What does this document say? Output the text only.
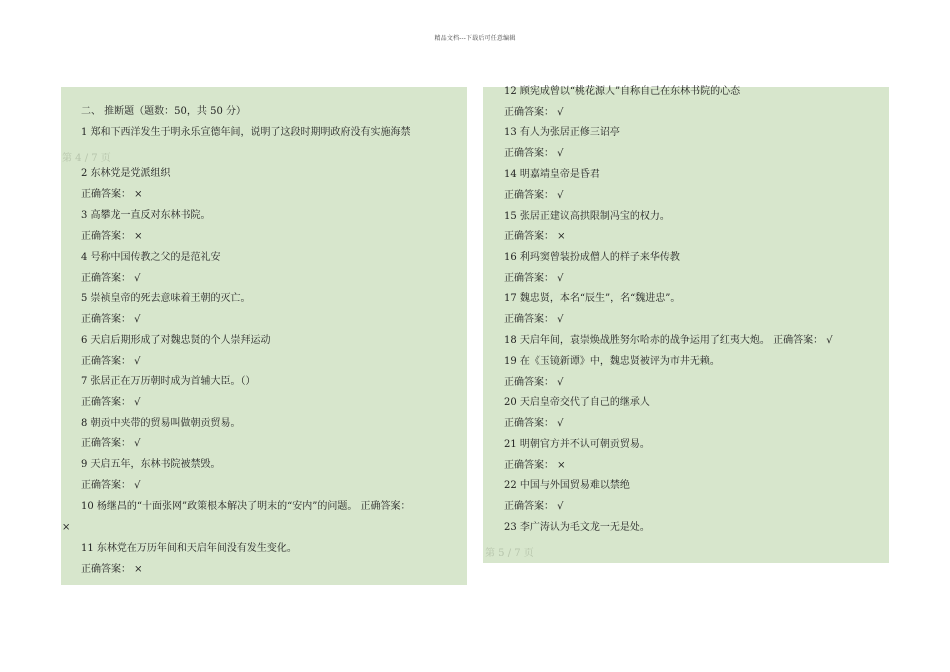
精品文档---下载后可任意编辑
二、 推断题（题数：50，共 50 分）
1 郑和下西洋发生于明永乐宣德年间，说明了这段时期明政府没有实施海禁
2 东林党是党派组织
正确答案： ×
3 高攀龙一直反对东林书院。
正确答案： ×
4 号称中国传教之父的是范礼安
正确答案： √
5 崇祯皇帝的死去意味着王朝的灭亡。
正确答案： √
6 天启后期形成了对魏忠贤的个人崇拜运动
正确答案： √
7 张居正在万历朝时成为首辅大臣。（）
正确答案： √
8 朝贡中夹带的贸易叫做朝贡贸易。
正确答案： √
9 天启五年，东林书院被禁毁。
正确答案： √
10 杨继昌的“十面张网”政策根本解决了明末的“安内”的问题。 正确答案：
×
11 东林党在万历年间和天启年间没有发生变化。
正确答案： ×
12 顾宪成曾以“桃花源人”自称自己在东林书院的心态
正确答案： √
13 有人为张居正修三诏亭
正确答案： √
14 明嘉靖皇帝是昏君
正确答案： √
15 张居正建议高拱限制冯宝的权力。
正确答案： ×
16 利玛窦曾装扮成僧人的样子来华传教
正确答案： √
17 魏忠贤，本名“辰生”，名“魏进忠”。
正确答案： √
18 天启年间，袁崇焕战胜努尔哈赤的战争运用了红夷大炮。 正确答案： √
19 在《玉镜新谭》中，魏忠贤被评为市井无赖。
正确答案： √
20 天启皇帝交代了自己的继承人
正确答案： √
21 明朝官方并不认可朝贡贸易。
正确答案： ×
22 中国与外国贸易难以禁绝
正确答案： √
23 李广涛认为毛文龙一无是处。
第 4 / 7 页
第 5 / 7 页
